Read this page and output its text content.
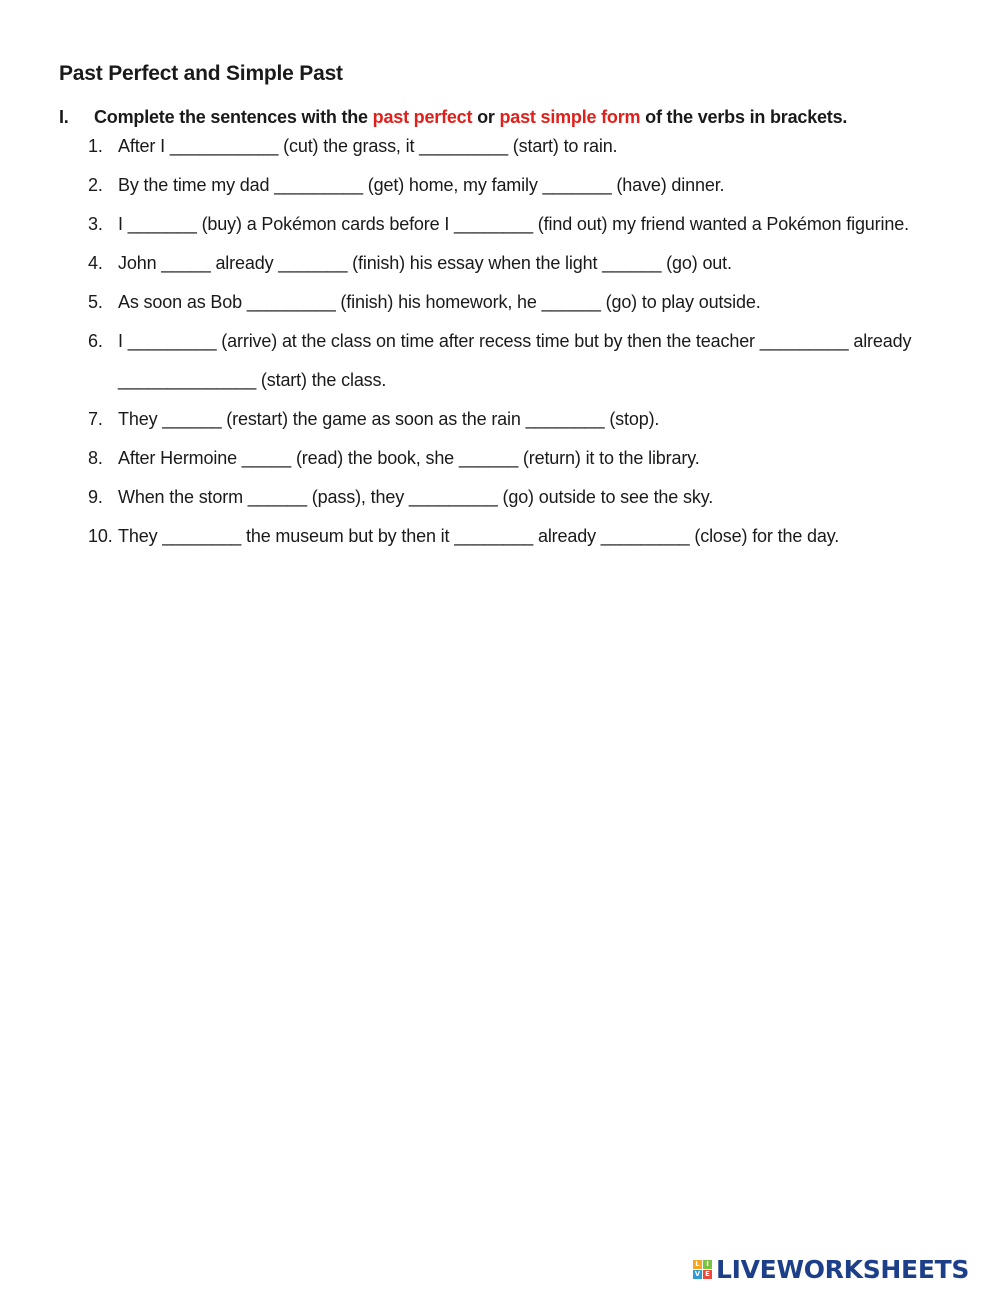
Past Perfect and Simple Past
I. Complete the sentences with the past perfect or past simple form of the verbs in brackets.
1. After I ___________ (cut) the grass, it _________ (start) to rain.
2. By the time my dad _________ (get) home, my family _______ (have) dinner.
3. I _______ (buy) a Pokémon cards before I ________ (find out) my friend wanted a Pokémon figurine.
4. John _____ already _______ (finish) his essay when the light ______ (go) out.
5. As soon as Bob _________ (finish) his homework, he ______ (go) to play outside.
6. I _________ (arrive) at the class on time after recess time but by then the teacher _________ already
______________ (start) the class.
7. They ______ (restart) the game as soon as the rain ________ (stop).
8. After Hermoine _____ (read) the book, she ______ (return) it to the library.
9. When the storm ______ (pass), they _________ (go) outside to see the sky.
10. They ________ the museum but by then it ________ already _________ (close) for the day.
L I
V E LIVEWORKSHEETS
